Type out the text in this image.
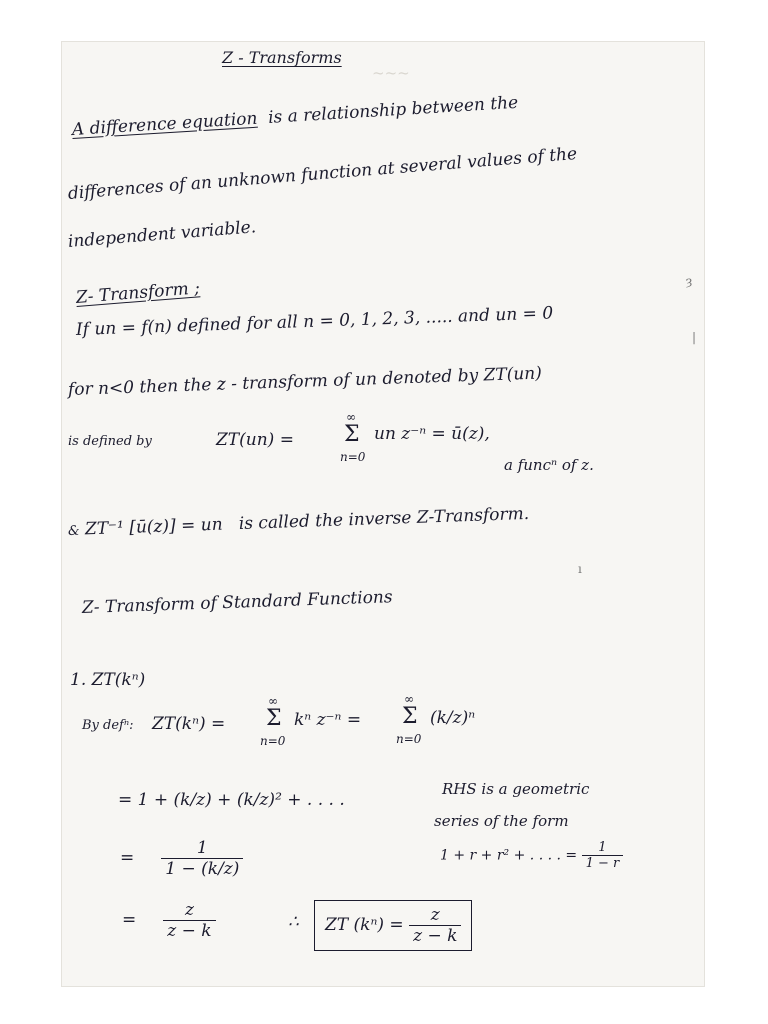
~~~
Z - Transforms
A difference equation is a relationship between the
differences of an unknown function at several values of the
independent variable.
Z- Transform ;
If un = f(n) defined for all n = 0, 1, 2, 3, ..... and un = 0
for n<0 then the z - transform of un denoted by ZT(un)
is defined by	ZT(un) =
∞
Σ
n=0
un z⁻ⁿ = ū(z),
a funcⁿ of z.
& ZT⁻¹ [ū(z)] = un is called the inverse Z-Transform.
Z- Transform of Standard Functions
1. ZT(kⁿ)
By defⁿ: ZT(kⁿ) =
∞
Σ
n=0
kⁿ z⁻ⁿ =
∞
Σ
n=0
(k/z)ⁿ
= 1 + (k/z) + (k/z)² + . . . .
RHS is a geometric
series of the form
1 + r + r² + . . . . = $\frac{1}{1 - r}$
= $\frac{1}{1 - (k/z)}$
= $\frac{z}{z - k}$	∴	ZT $(k^n) = \frac{z}{z - k}$
ȝ
|
ı
